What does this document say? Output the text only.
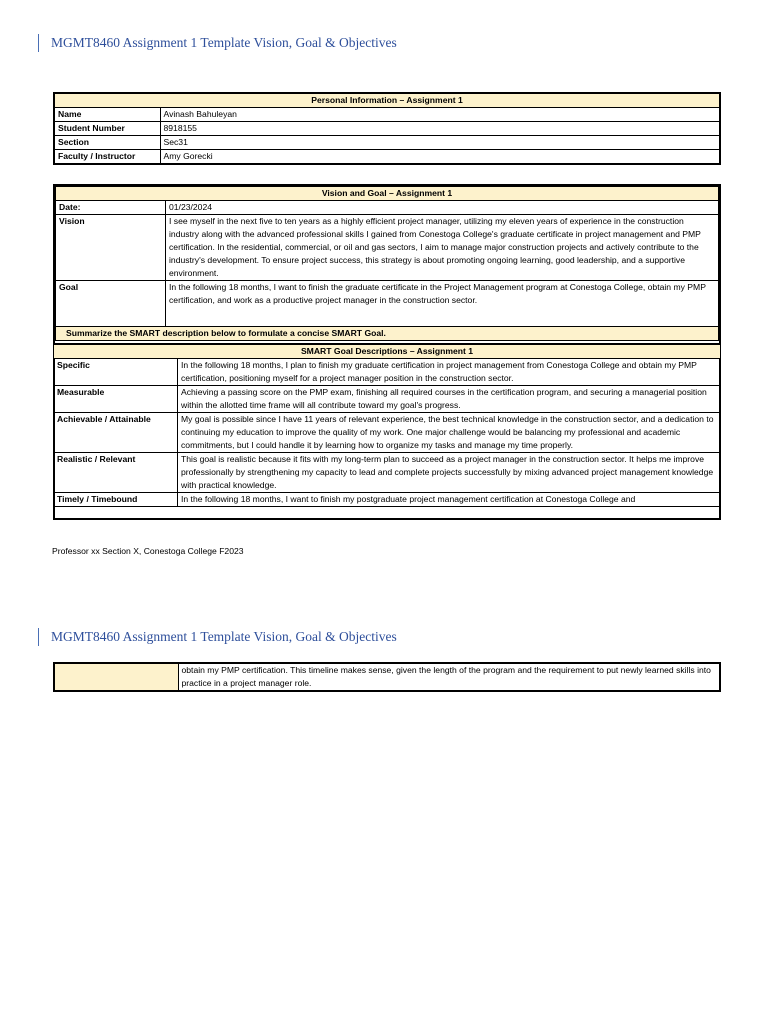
MGMT8460 Assignment 1 Template Vision, Goal & Objectives
Personal Information – Assignment 1	
Name	Avinash Bahuleyan
Student Number	8918155
Section	Sec31
Faculty / Instructor	Amy Gorecki
Vision and Goal – Assignment 1	
Date:	01/23/2024
Vision	I see myself in the next five to ten years as a highly efficient project manager, utilizing my eleven years of experience in the construction industry along with the advanced professional skills I gained from Conestoga College's graduate certificate in project management and PMP certification. In the residential, commercial, or oil and gas sectors, I aim to manage major construction projects and actively contribute to the industry's development. To ensure project success, this strategy is about promoting ongoing learning, good leadership, and a supportive environment.
Goal	In the following 18 months, I want to finish the graduate certificate in the Project Management program at Conestoga College, obtain my PMP certification, and work as a productive project manager in the construction sector.
Summarize the SMART description below to formulate a concise SMART Goal.	
SMART Goal Descriptions – Assignment 1	
Specific	In the following 18 months, I plan to finish my graduate certification in project management from Conestoga College and obtain my PMP certification, positioning myself for a project manager position in the construction sector.
Measurable	Achieving a passing score on the PMP exam, finishing all required courses in the certification program, and securing a managerial position within the allotted time frame will all contribute toward my goal's progress.
Achievable / Attainable	My goal is possible since I have 11 years of relevant experience, the best technical knowledge in the construction sector, and a dedication to continuing my education to improve the quality of my work. One major challenge would be balancing my professional and academic commitments, but I could handle it by learning how to organize my tasks and manage my time properly.
Realistic / Relevant	This goal is realistic because it fits with my long-term plan to succeed as a project manager in the construction sector. It helps me improve professionally by strengthening my capacity to lead and complete projects successfully by mixing advanced project management knowledge with practical knowledge.
Timely / Timebound	In the following 18 months, I want to finish my postgraduate project management certification at Conestoga College and
Professor xx Section X, Conestoga College F2023
MGMT8460 Assignment 1 Template Vision, Goal & Objectives
	obtain my PMP certification. This timeline makes sense, given the length of the program and the requirement to put newly learned skills into practice in a project manager role.
